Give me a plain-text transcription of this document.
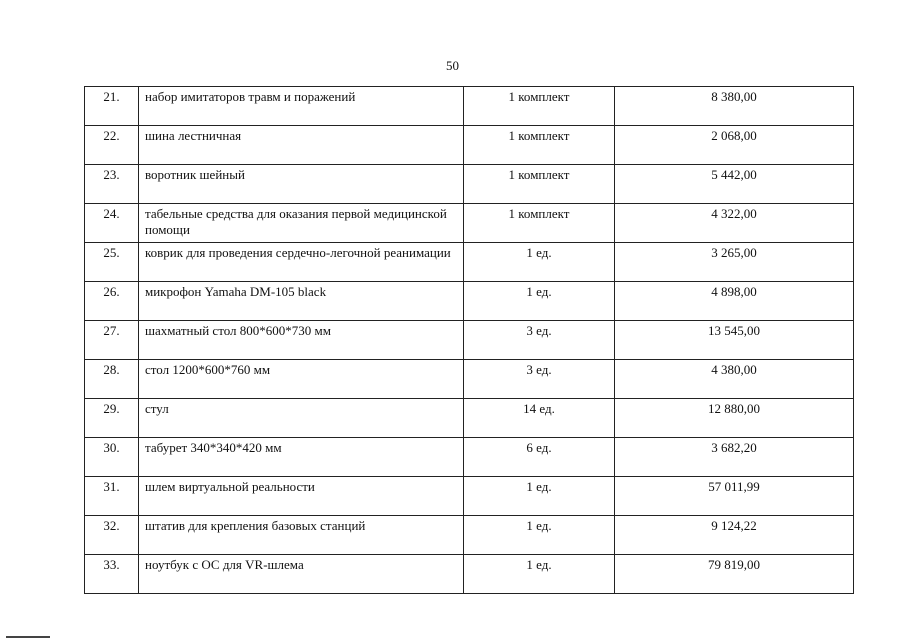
50
21.	набор имитаторов травм и поражений	1 комплект	8 380,00
22.	шина лестничная	1 комплект	2 068,00
23.	воротник шейный	1 комплект	5 442,00
24.	табельные средства для оказания первой медицинской помощи	1 комплект	4 322,00
25.	коврик для проведения сердечно-легочной реанимации	1 ед.	3 265,00
26.	микрофон Yamaha DM-105 black	1 ед.	4 898,00
27.	шахматный стол 800*600*730 мм	3 ед.	13 545,00
28.	стол 1200*600*760 мм	3 ед.	4 380,00
29.	стул	14 ед.	12 880,00
30.	табурет 340*340*420 мм	6 ед.	3 682,20
31.	шлем виртуальной реальности	1 ед.	57 011,99
32.	штатив для крепления базовых станций	1 ед.	9 124,22
33.	ноутбук с ОС для VR-шлема	1 ед.	79 819,00
